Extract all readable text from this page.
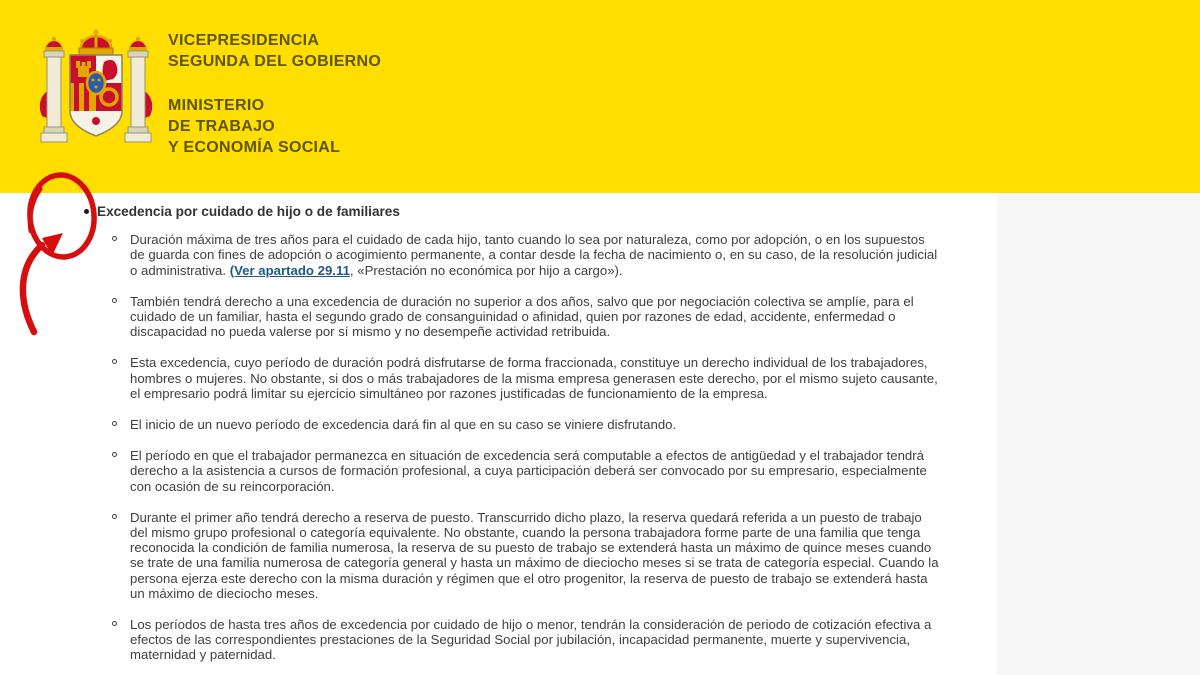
VICEPRESIDENCIA
SEGUNDA DEL GOBIERNO
MINISTERIO
DE TRABAJO
Y ECONOMÍA SOCIAL
Excedencia por cuidado de hijo o de familiares
Duración máxima de tres años para el cuidado de cada hijo, tanto cuando lo sea por naturaleza, como por adopción, o en los supuestos de guarda con fines de adopción o acogimiento permanente, a contar desde la fecha de nacimiento o, en su caso, de la resolución judicial o administrativa. (Ver apartado 29.11, «Prestación no económica por hijo a cargo»).
También tendrá derecho a una excedencia de duración no superior a dos años, salvo que por negociación colectiva se amplíe, para el cuidado de un familiar, hasta el segundo grado de consanguinidad o afinidad, quien por razones de edad, accidente, enfermedad o discapacidad no pueda valerse por sí mismo y no desempeñe actividad retribuida.
Esta excedencia, cuyo período de duración podrá disfrutarse de forma fraccionada, constituye un derecho individual de los trabajadores, hombres o mujeres. No obstante, si dos o más trabajadores de la misma empresa generasen este derecho, por el mismo sujeto causante, el empresario podrá limitar su ejercicio simultáneo por razones justificadas de funcionamiento de la empresa.
El inicio de un nuevo período de excedencia dará fin al que en su caso se viniere disfrutando.
El período en que el trabajador permanezca en situación de excedencia será computable a efectos de antigüedad y el trabajador tendrá derecho a la asistencia a cursos de formación profesional, a cuya participación deberá ser convocado por su empresario, especialmente con ocasión de su reincorporación.
Durante el primer año tendrá derecho a reserva de puesto. Transcurrido dicho plazo, la reserva quedará referida a un puesto de trabajo del mismo grupo profesional o categoría equivalente. No obstante, cuando la persona trabajadora forme parte de una familia que tenga reconocida la condición de familia numerosa, la reserva de su puesto de trabajo se extenderá hasta un máximo de quince meses cuando se trate de una familia numerosa de categoría general y hasta un máximo de dieciocho meses si se trata de categoría especial. Cuando la persona ejerza este derecho con la misma duración y régimen que el otro progenitor, la reserva de puesto de trabajo se extenderá hasta un máximo de dieciocho meses.
Los períodos de hasta tres años de excedencia por cuidado de hijo o menor, tendrán la consideración de periodo de cotización efectiva a efectos de las correspondientes prestaciones de la Seguridad Social por jubilación, incapacidad permanente, muerte y supervivencia, maternidad y paternidad.
